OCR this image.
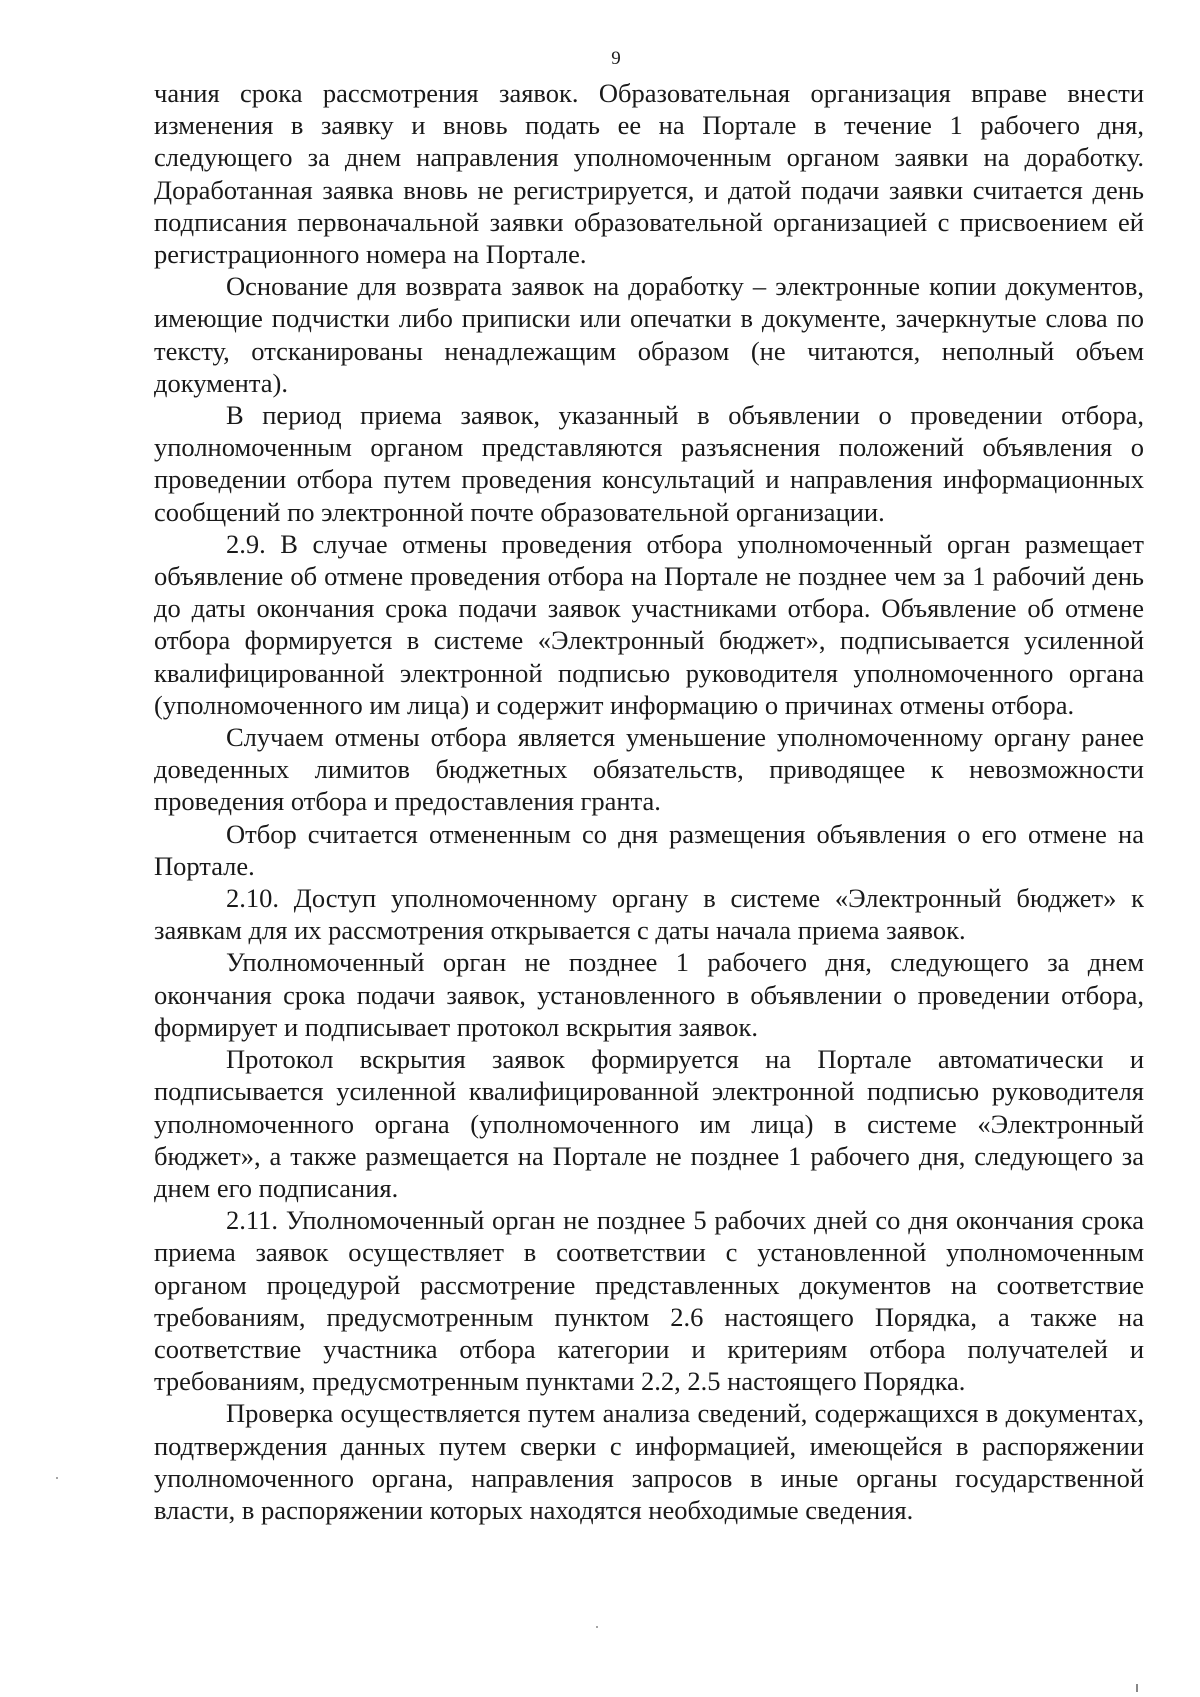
9

чания срока рассмотрения заявок. Образовательная организация вправе внести изменения в заявку и вновь подать ее на Портале в течение 1 рабочего дня, следующего за днем направления уполномоченным органом заявки на доработку. Доработанная заявка вновь не регистрируется, и датой подачи заявки считается день подписания первоначальной заявки образовательной организацией с присвоением ей регистрационного номера на Портале.

Основание для возврата заявок на доработку – электронные копии документов, имеющие подчистки либо приписки или опечатки в документе, зачеркнутые слова по тексту, отсканированы ненадлежащим образом (не читаются, неполный объем документа).

В период приема заявок, указанный в объявлении о проведении отбора, уполномоченным органом представляются разъяснения положений объявления о проведении отбора путем проведения консультаций и направления информационных сообщений по электронной почте образовательной организации.

2.9. В случае отмены проведения отбора уполномоченный орган размещает объявление об отмене проведения отбора на Портале не позднее чем за 1 рабочий день до даты окончания срока подачи заявок участниками отбора. Объявление об отмене отбора формируется в системе «Электронный бюджет», подписывается усиленной квалифицированной электронной подписью руководителя уполномоченного органа (уполномоченного им лица) и содержит информацию о причинах отмены отбора.

Случаем отмены отбора является уменьшение уполномоченному органу ранее доведенных лимитов бюджетных обязательств, приводящее к невозможности проведения отбора и предоставления гранта.

Отбор считается отмененным со дня размещения объявления о его отмене на Портале.

2.10. Доступ уполномоченному органу в системе «Электронный бюджет» к заявкам для их рассмотрения открывается с даты начала приема заявок.

Уполномоченный орган не позднее 1 рабочего дня, следующего за днем окончания срока подачи заявок, установленного в объявлении о проведении отбора, формирует и подписывает протокол вскрытия заявок.

Протокол вскрытия заявок формируется на Портале автоматически и подписывается усиленной квалифицированной электронной подписью руководителя уполномоченного органа (уполномоченного им лица) в системе «Электронный бюджет», а также размещается на Портале не позднее 1 рабочего дня, следующего за днем его подписания.

2.11. Уполномоченный орган не позднее 5 рабочих дней со дня окончания срока приема заявок осуществляет в соответствии с установленной уполномоченным органом процедурой рассмотрение представленных документов на соответствие требованиям, предусмотренным пунктом 2.6 настоящего Порядка, а также на соответствие участника отбора категории и критериям отбора получателей и требованиям, предусмотренным пунктами 2.2, 2.5 настоящего Порядка.

Проверка осуществляется путем анализа сведений, содержащихся в документах, подтверждения данных путем сверки с информацией, имеющейся в распоряжении уполномоченного органа, направления запросов в иные органы государственной власти, в распоряжении которых находятся необходимые сведения.
